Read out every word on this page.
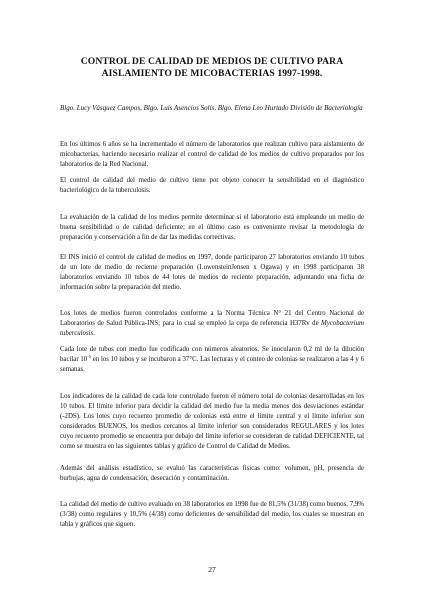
CONTROL DE CALIDAD DE MEDIOS DE CULTIVO PARA
AISLAMIENTO DE MICOBACTERIAS 1997-1998.
Blgo. Lucy Vásquez Campos, Blgo. Luis Asencios Solís, Blgo. Elena Leo Hurtado División de Bacteriología

En los últimos 6 años se ha incrementado el número de laboratorios que realizan cultivo para aislamiento de micobacterias, haciendo necesario realizar el control de calidad de los medios de cultivo preparados por los laboratorios de la Red Nacional.

El control de calidad del medio de cultivo tiene por objeto conocer la sensibilidad en el diagnóstico bacteriológico de la tuberculosis.

La evaluación de la calidad de los medios permite determinar si el laboratorio está empleando un medio de buena sensibilidad o de calidad deficiente; en el último caso es conveniente revisar la metodología de preparación y conservación a fin de dar las medidas correctivas.

El INS inició el control de calidad de medios en 1997, donde participaron 27 laboratorios enviando 10 tubos de un lote de medio de reciente preparación (LowensteinJensen x Ogawa) y en 1998 participaron 38 laboratorios enviando 10 tubos de 44 lotes de medios de reciente preparación, adjuntando una ficha de información sobre la preparación del medio.

Los lotes de medios fueron controlados conforme a la Norma Técnica N° 21 del Centro Nacional de Laboratorios de Salud Pública-INS; para lo cual se empleó la cepa de referencia H37Rv de Mycobacterium tuberculosis.

Cada lote de tubos con medio fue codificado con números aleatorios. Se inocularon 0,2 ml de la dilución bacilar $10^{-5}$ en los 10 tubos y se incubaron a 37°C. Las lecturas y el conteo de colonias se realizaron a las 4 y 6 semanas.

Los indicadores de la calidad de cada lote controlado fueron el número total de colonias desarrolladas en los 10 tubos. El límite inferior para decidir la calidad del medio fue la media menos dos desviaciones estándar (-2DS). Los lotes cuyo recuento promedio de colonias está entre el límite central y el límite inferior son considerados BUENOS, los medios cercanos al límite inferior son considerados REGULARES y los lotes cuyo recuento promedio se encuentra por debajo del límite inferior se consideran de calidad DEFICIENTE, tal como se muestra en las siguientes tablas y gráfico de Control de Calidad de Medios.

Además del análisis estadístico, se evaluó las características físicas como: volumen, pH, presencia de burbujas, agua de condensación, desecación y contaminación.

La calidad del medio de cultivo evaluado en 38 laboratorios en 1998 fue de 81,5% (31/38) como buenos, 7,9% (3/38) como regulares y 10,5% (4/38) como deficientes de sensibilidad del medio, los cuales se muestran en tabla y gráficos que siguen.

27
